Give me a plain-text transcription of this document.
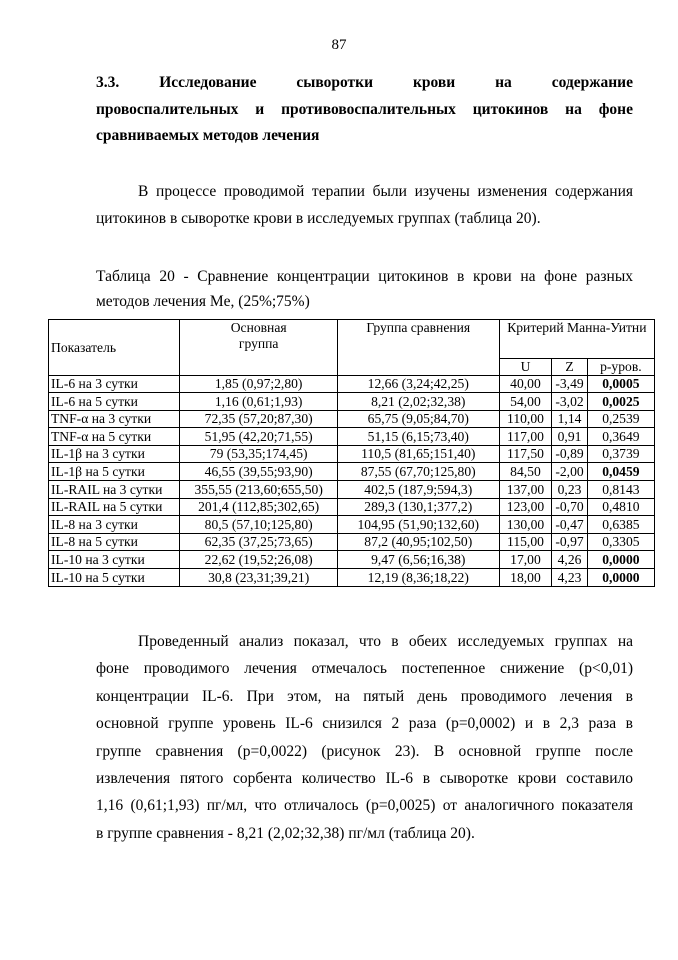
87
3.3. Исследование сыворотки крови на содержание
провоспалительных и противовоспалительных цитокинов на фоне
сравниваемых методов лечения
В процессе проводимой терапии были изучены изменения содержания
цитокинов в сыворотке крови в исследуемых группах (таблица 20).
Таблица 20 - Сравнение концентрации цитокинов в крови на фоне разных
методов лечения Me, (25%;75%)
Показатель	Основная группа	Группа сравнения	Критерий Манна-Уитни		
			U	Z	p-уров.
IL-6 на 3 сутки	1,85 (0,97;2,80)	12,66 (3,24;42,25)	40,00	-3,49	0,0005
IL-6 на 5 сутки	1,16 (0,61;1,93)	8,21 (2,02;32,38)	54,00	-3,02	0,0025
TNF-α на 3 сутки	72,35 (57,20;87,30)	65,75 (9,05;84,70)	110,00	1,14	0,2539
TNF-α на 5 сутки	51,95 (42,20;71,55)	51,15 (6,15;73,40)	117,00	0,91	0,3649
IL-1β на 3 сутки	79 (53,35;174,45)	110,5 (81,65;151,40)	117,50	-0,89	0,3739
IL-1β на 5 сутки	46,55 (39,55;93,90)	87,55 (67,70;125,80)	84,50	-2,00	0,0459
IL-RAIL на 3 сутки	355,55 (213,60;655,50)	402,5 (187,9;594,3)	137,00	0,23	0,8143
IL-RAIL на 5 сутки	201,4 (112,85;302,65)	289,3 (130,1;377,2)	123,00	-0,70	0,4810
IL-8 на 3 сутки	80,5 (57,10;125,80)	104,95 (51,90;132,60)	130,00	-0,47	0,6385
IL-8 на 5 сутки	62,35 (37,25;73,65)	87,2 (40,95;102,50)	115,00	-0,97	0,3305
IL-10 на 3 сутки	22,62 (19,52;26,08)	9,47 (6,56;16,38)	17,00	4,26	0,0000
IL-10 на 5 сутки	30,8 (23,31;39,21)	12,19 (8,36;18,22)	18,00	4,23	0,0000
Проведенный анализ показал, что в обеих исследуемых группах на
фоне проводимого лечения отмечалось постепенное снижение (р<0,01)
концентрации IL-6. При этом, на пятый день проводимого лечения в
основной группе уровень IL-6 снизился 2 раза (р=0,0002) и в 2,3 раза в
группе сравнения (р=0,0022) (рисунок 23). В основной группе после
извлечения пятого сорбента количество IL-6 в сыворотке крови составило
1,16 (0,61;1,93) пг/мл, что отличалось (р=0,0025) от аналогичного показателя
в группе сравнения - 8,21 (2,02;32,38) пг/мл (таблица 20).
